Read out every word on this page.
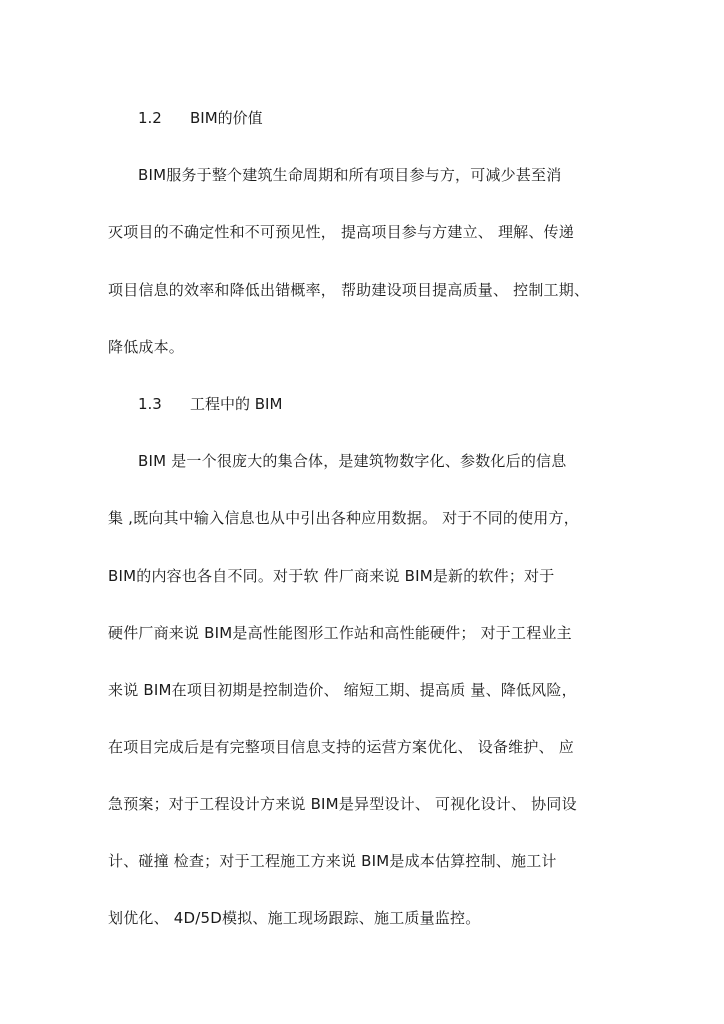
1.2 BIM的价值
BIM服务于整个建筑生命周期和所有项目参与方，可减少甚至消
灭项目的不确定性和不可预见性， 提高项目参与方建立、 理解、传递
项目信息的效率和降低出错概率， 帮助建设项目提高质量、 控制工期、
降低成本。
1.3 工程中的 BIM
BIM 是一个很庞大的集合体，是建筑物数字化、参数化后的信息
集 ,既向其中输入信息也从中引出各种应用数据。 对于不同的使用方，
BIM的内容也各自不同。对于软 件厂商来说 BIM是新的软件；对于
硬件厂商来说 BIM是高性能图形工作站和高性能硬件； 对于工程业主
来说 BIM在项目初期是控制造价、 缩短工期、提高质 量、降低风险，
在项目完成后是有完整项目信息支持的运营方案优化、 设备维护、 应
急预案；对于工程设计方来说 BIM是异型设计、 可视化设计、 协同设
计、碰撞 检查；对于工程施工方来说 BIM是成本估算控制、施工计
划优化、 4D/5D模拟、施工现场跟踪、施工质量监控。
